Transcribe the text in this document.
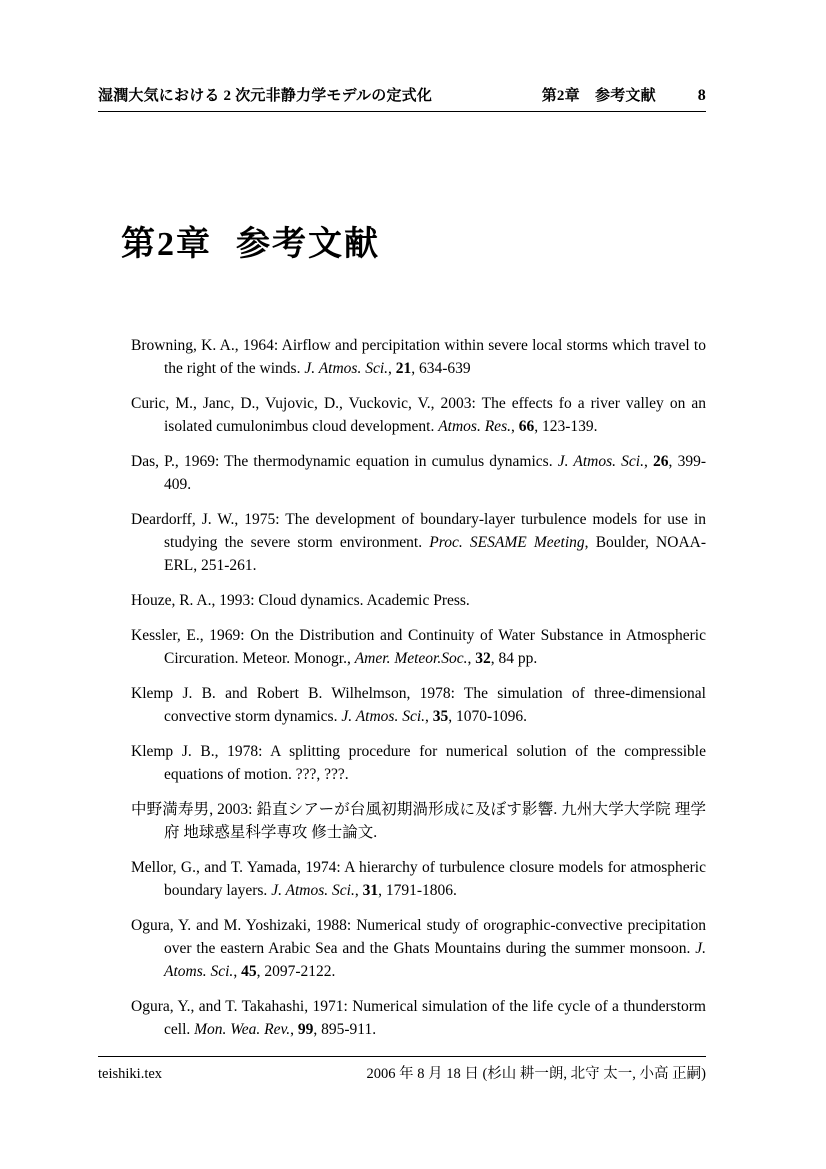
湿潤大気における 2 次元非静力学モデルの定式化	第2章　参考文献	8
第2章 参考文献

Browning, K. A., 1964: Airflow and percipitation within severe local storms which travel to the right of the winds. J. Atmos. Sci., 21, 634-639

Curic, M., Janc, D., Vujovic, D., Vuckovic, V., 2003: The effects fo a river valley on an isolated cumulonimbus cloud development. Atmos. Res., 66, 123-139.

Das, P., 1969: The thermodynamic equation in cumulus dynamics. J. Atmos. Sci., 26, 399-409.

Deardorff, J. W., 1975: The development of boundary-layer turbulence models for use in studying the severe storm environment. Proc. SESAME Meeting, Boulder, NOAA-ERL, 251-261.

Houze, R. A., 1993: Cloud dynamics. Academic Press.

Kessler, E., 1969: On the Distribution and Continuity of Water Substance in Atmospheric Circuration. Meteor. Monogr., Amer. Meteor.Soc., 32, 84 pp.

Klemp J. B. and Robert B. Wilhelmson, 1978: The simulation of three-dimensional convective storm dynamics. J. Atmos. Sci., 35, 1070-1096.

Klemp J. B., 1978: A splitting procedure for numerical solution of the compressible equations of motion. ???, ???.

中野満寿男, 2003: 鉛直シアーが台風初期渦形成に及ぼす影響. 九州大学大学院 理学府 地球惑星科学専攻 修士論文.

Mellor, G., and T. Yamada, 1974: A hierarchy of turbulence closure models for atmospheric boundary layers. J. Atmos. Sci., 31, 1791-1806.

Ogura, Y. and M. Yoshizaki, 1988: Numerical study of orographic-convective precipitation over the eastern Arabic Sea and the Ghats Mountains during the summer monsoon. J. Atoms. Sci., 45, 2097-2122.

Ogura, Y., and T. Takahashi, 1971: Numerical simulation of the life cycle of a thunderstorm cell. Mon. Wea. Rev., 99, 895-911.

teishiki.tex	2006 年 8 月 18 日 (杉山 耕一朗, 北守 太一, 小高 正嗣)
